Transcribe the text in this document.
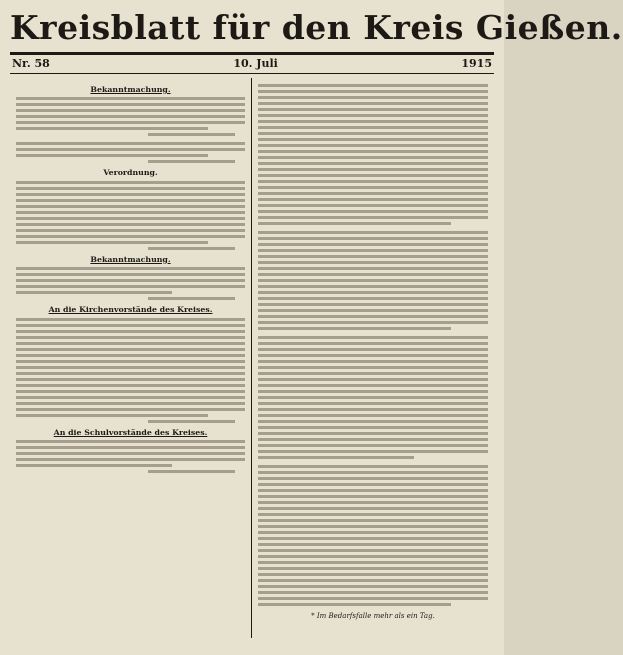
Kreisblatt für den Kreis Gießen.
Nr. 58	10. Juli	1915
Bekanntmachung.
Verordnung.
Bekanntmachung.
An die Kirchenvorstände des Kreises.
An die Schulvorstände des Kreises.
* Im Bedarfsfalle mehr als ein Tag.
